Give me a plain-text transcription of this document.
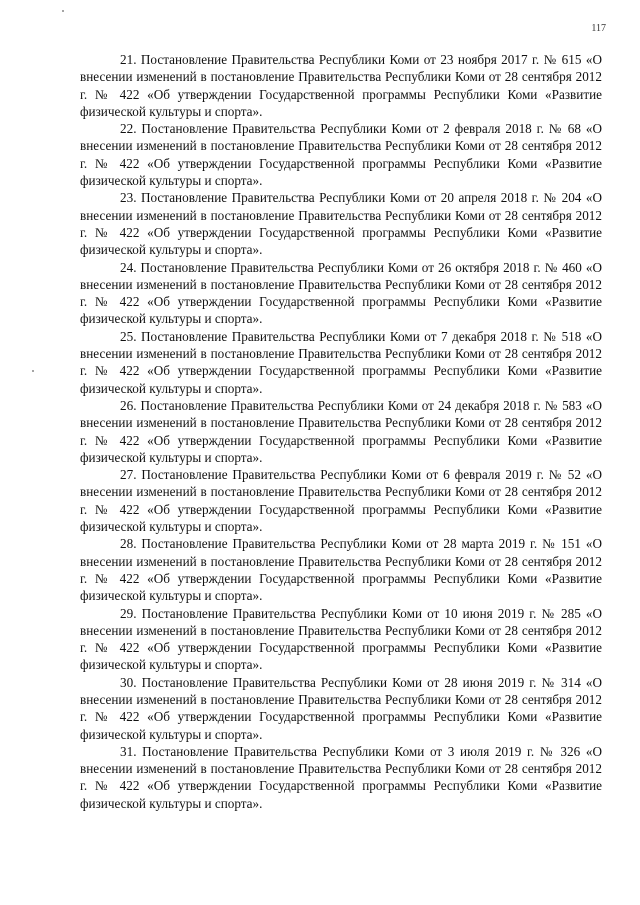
117

21. Постановление Правительства Республики Коми от 23 ноября 2017 г. № 615 «О внесении изменений в постановление Правительства Республики Коми от 28 сентября 2012 г. № 422 «Об утверждении Государственной программы Республики Коми «Развитие физической культуры и спорта».

22. Постановление Правительства Республики Коми от 2 февраля 2018 г. № 68 «О внесении изменений в постановление Правительства Республики Коми от 28 сентября 2012 г. № 422 «Об утверждении Государственной программы Республики Коми «Развитие физической культуры и спорта».

23. Постановление Правительства Республики Коми от 20 апреля 2018 г. № 204 «О внесении изменений в постановление Правительства Республики Коми от 28 сентября 2012 г. № 422 «Об утверждении Государственной программы Республики Коми «Развитие физической культуры и спорта».

24. Постановление Правительства Республики Коми от 26 октября 2018 г. № 460 «О внесении изменений в постановление Правительства Республики Коми от 28 сентября 2012 г. № 422 «Об утверждении Государственной программы Республики Коми «Развитие физической культуры и спорта».

25. Постановление Правительства Республики Коми от 7 декабря 2018 г. № 518 «О внесении изменений в постановление Правительства Республики Коми от 28 сентября 2012 г. № 422 «Об утверждении Государственной программы Республики Коми «Развитие физической культуры и спорта».

26. Постановление Правительства Республики Коми от 24 декабря 2018 г. № 583 «О внесении изменений в постановление Правительства Республики Коми от 28 сентября 2012 г. № 422 «Об утверждении Государственной программы Республики Коми «Развитие физической культуры и спорта».

27. Постановление Правительства Республики Коми от 6 февраля 2019 г. № 52 «О внесении изменений в постановление Правительства Республики Коми от 28 сентября 2012 г. № 422 «Об утверждении Государственной программы Республики Коми «Развитие физической культуры и спорта».

28. Постановление Правительства Республики Коми от 28 марта 2019 г. № 151 «О внесении изменений в постановление Правительства Республики Коми от 28 сентября 2012 г. № 422 «Об утверждении Государственной программы Республики Коми «Развитие физической культуры и спорта».

29. Постановление Правительства Республики Коми от 10 июня 2019 г. № 285 «О внесении изменений в постановление Правительства Республики Коми от 28 сентября 2012 г. № 422 «Об утверждении Государственной программы Республики Коми «Развитие физической культуры и спорта».

30. Постановление Правительства Республики Коми от 28 июня 2019 г. № 314 «О внесении изменений в постановление Правительства Республики Коми от 28 сентября 2012 г. № 422 «Об утверждении Государственной программы Республики Коми «Развитие физической культуры и спорта».

31. Постановление Правительства Республики Коми от 3 июля 2019 г. № 326 «О внесении изменений в постановление Правительства Республики Коми от 28 сентября 2012 г. № 422 «Об утверждении Государственной программы Республики Коми «Развитие физической культуры и спорта».
